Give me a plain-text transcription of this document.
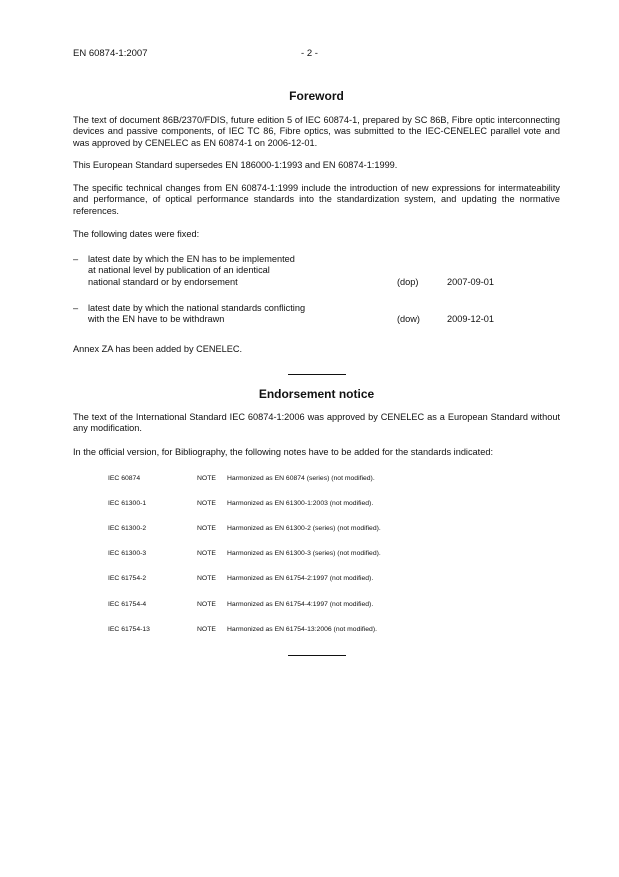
EN 60874-1:2007	- 2 -
Foreword
The text of document 86B/2370/FDIS, future edition 5 of IEC 60874-1, prepared by SC 86B, Fibre optic interconnecting devices and passive components, of IEC TC 86, Fibre optics, was submitted to the IEC-CENELEC parallel vote and was approved by CENELEC as EN 60874-1 on 2006-12-01.
This European Standard supersedes EN 186000-1:1993 and EN 60874-1:1999.
The specific technical changes from EN 60874-1:1999 include the introduction of new expressions for intermateability and performance, of optical performance standards into the standardization system, and updating the normative references.
The following dates were fixed:
– latest date by which the EN has to be implemented
at national level by publication of an identical
national standard or by endorsement	(dop)	2007-09-01
– latest date by which the national standards conflicting
with the EN have to be withdrawn	(dow)	2009-12-01
Annex ZA has been added by CENELEC.
Endorsement notice
The text of the International Standard IEC 60874-1:2006 was approved by CENELEC as a European Standard without any modification.
In the official version, for Bibliography, the following notes have to be added for the standards indicated:
IEC 60874	NOTE Harmonized as EN 60874 (series) (not modified).
IEC 61300-1	NOTE Harmonized as EN 61300-1:2003 (not modified).
IEC 61300-2	NOTE Harmonized as EN 61300-2 (series) (not modified).
IEC 61300-3	NOTE Harmonized as EN 61300-3 (series) (not modified).
IEC 61754-2	NOTE Harmonized as EN 61754-2:1997 (not modified).
IEC 61754-4	NOTE Harmonized as EN 61754-4:1997 (not modified).
IEC 61754-13	NOTE Harmonized as EN 61754-13:2006 (not modified).
